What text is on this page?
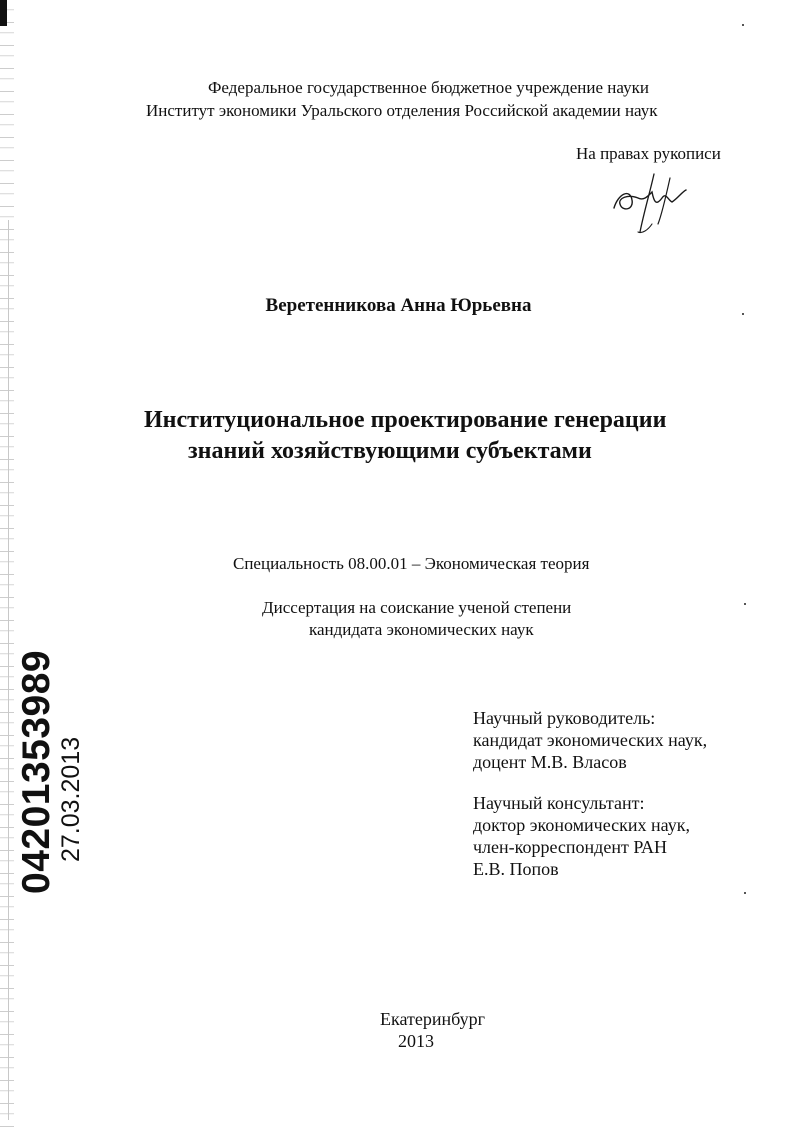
Федеральное государственное бюджетное учреждение науки
Институт экономики Уральского отделения Российской академии наук
На правах рукописи
Веретенникова Анна Юрьевна
Институциональное проектирование генерации
знаний хозяйствующими субъектами
Специальность 08.00.01 – Экономическая теория
Диссертация на соискание ученой степени
кандидата экономических наук
Научный руководитель:
кандидат экономических наук,
доцент М.В. Власов
Научный консультант:
доктор экономических наук,
член-корреспондент РАН
Е.В. Попов
Екатеринбург
2013
04201353989 27.03.2013
